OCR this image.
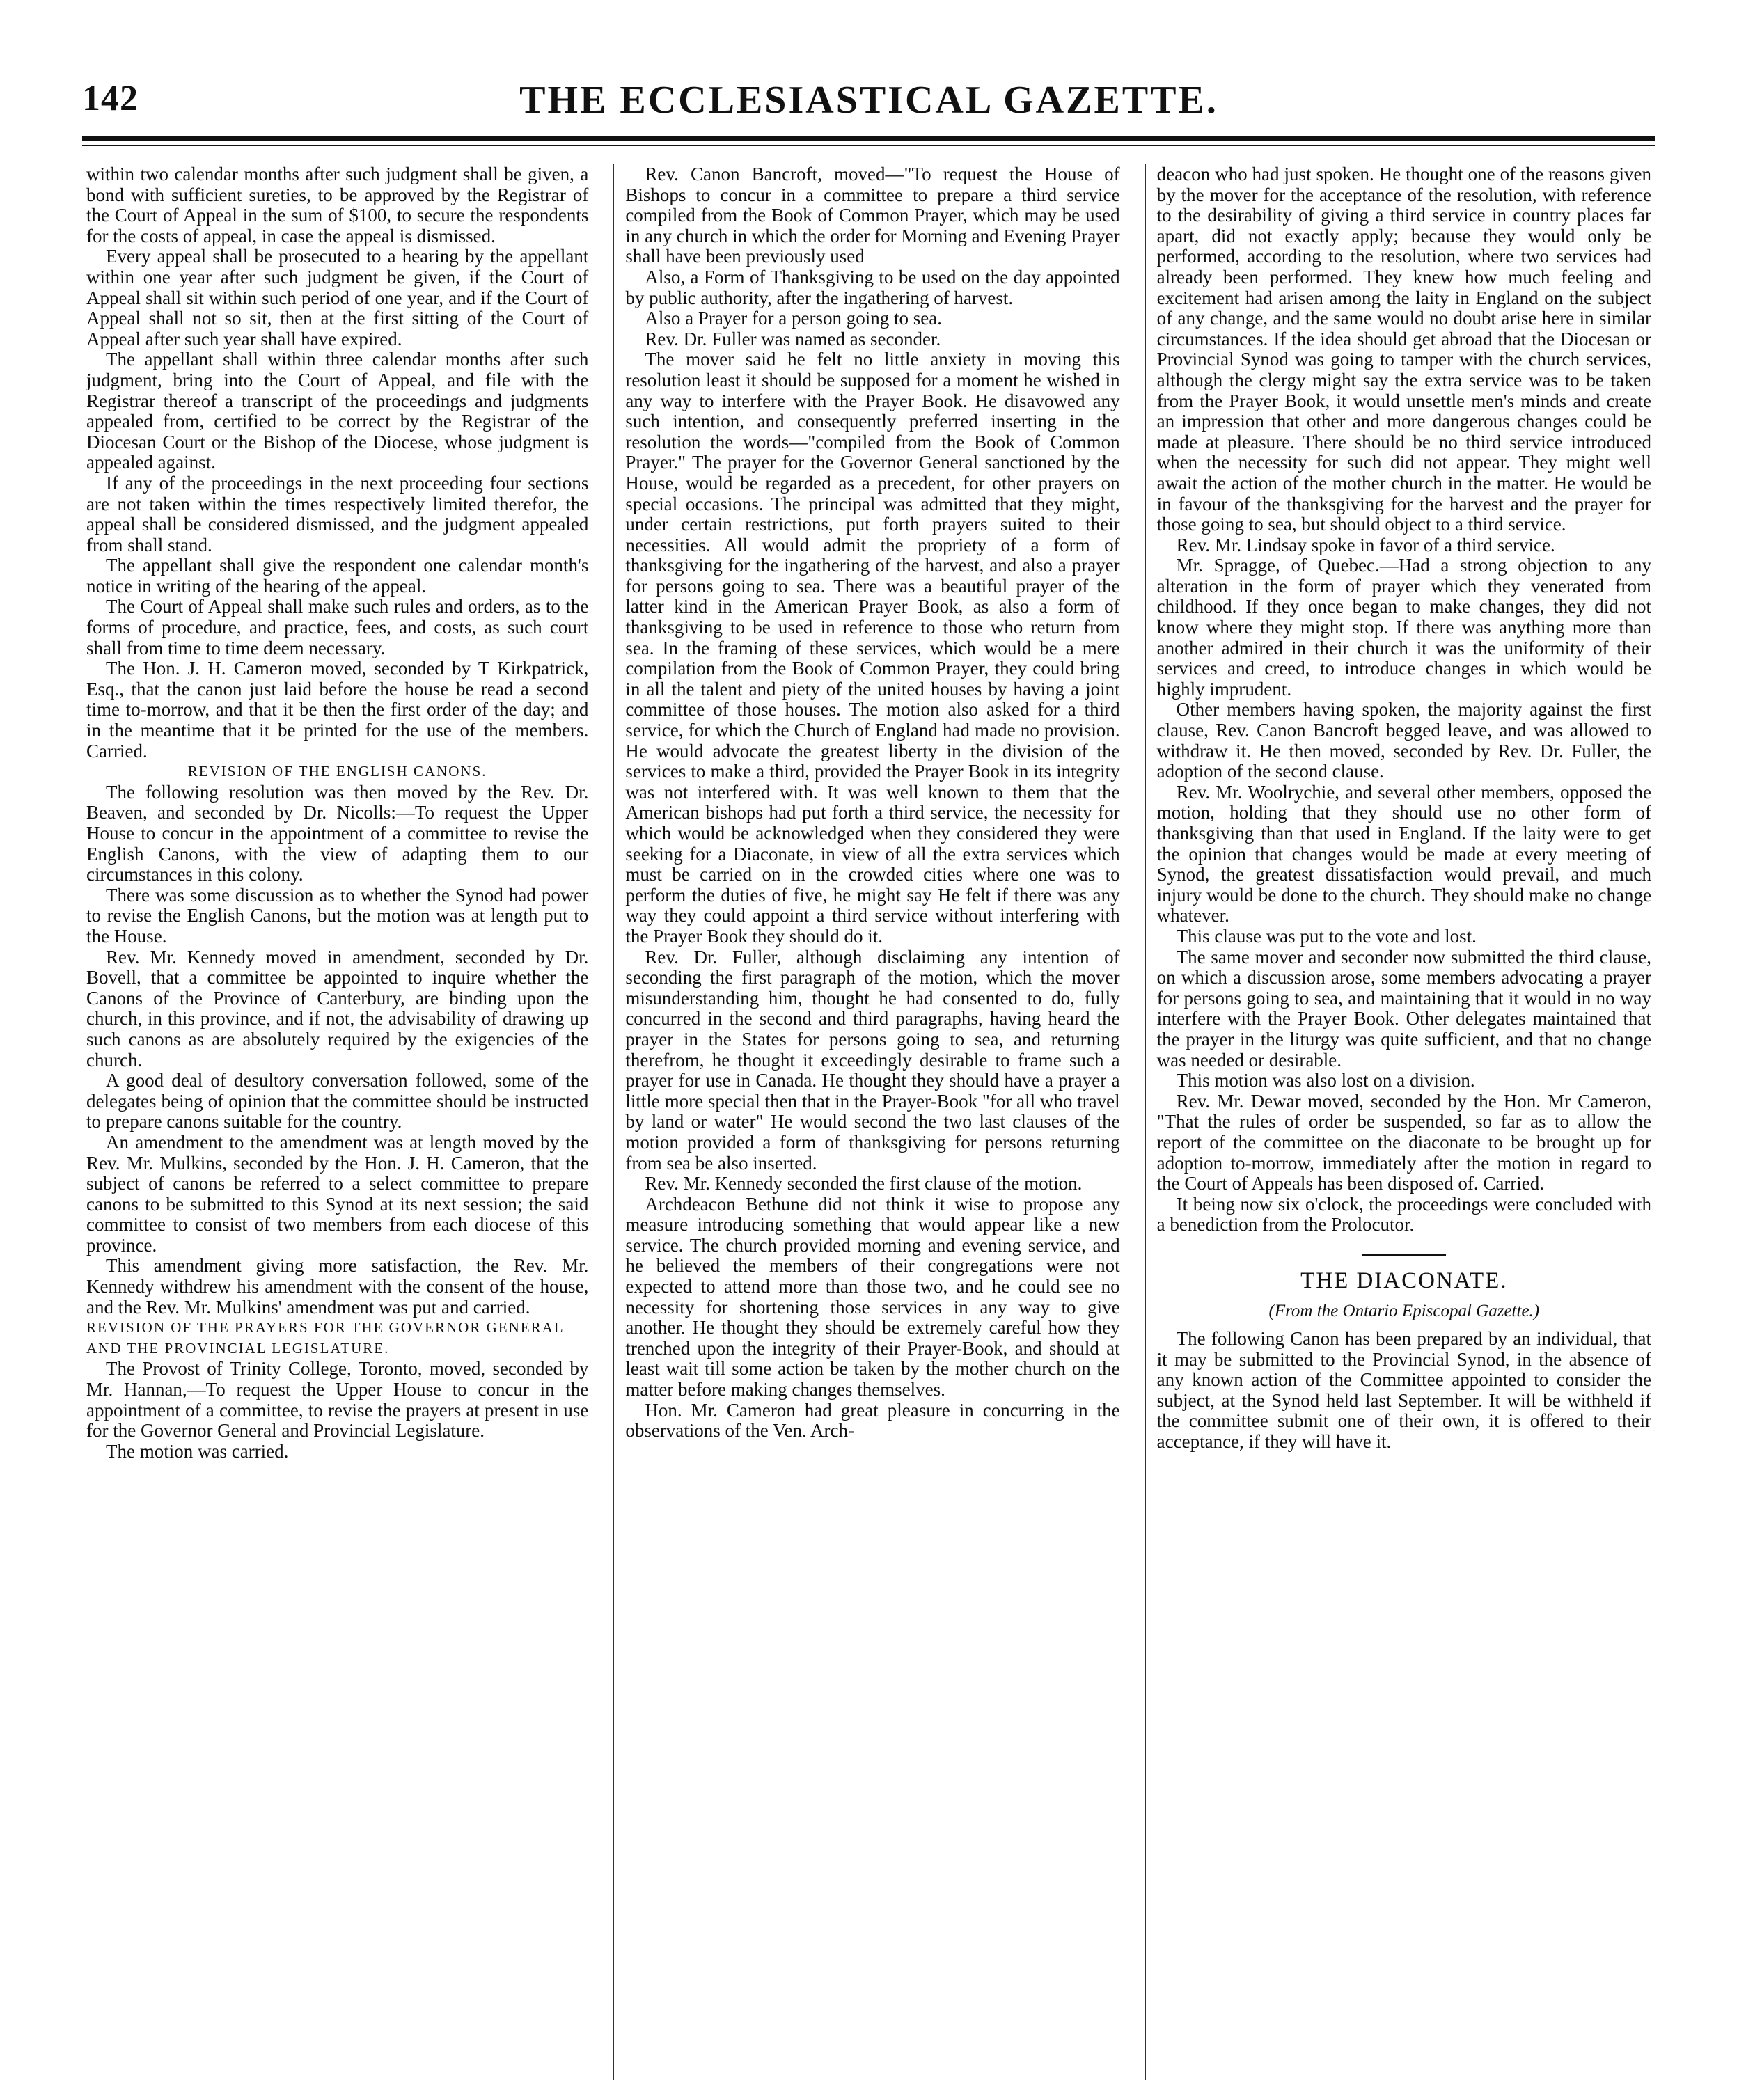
142	THE ECCLESIASTICAL GAZETTE.

within two calendar months after such judgment shall be given, a bond with sufficient sureties, to be approved by the Registrar of the Court of Appeal in the sum of $100, to secure the respondents for the costs of appeal, in case the appeal is dismissed.

Every appeal shall be prosecuted to a hearing by the appellant within one year after such judgment be given, if the Court of Appeal shall sit within such period of one year, and if the Court of Appeal shall not so sit, then at the first sitting of the Court of Appeal after such year shall have expired.

The appellant shall within three calendar months after such judgment, bring into the Court of Appeal, and file with the Registrar thereof a transcript of the proceedings and judgments appealed from, certified to be correct by the Registrar of the Diocesan Court or the Bishop of the Diocese, whose judgment is appealed against.

If any of the proceedings in the next proceeding four sections are not taken within the times respectively limited therefor, the appeal shall be considered dismissed, and the judgment appealed from shall stand.

The appellant shall give the respondent one calendar month's notice in writing of the hearing of the appeal.

The Court of Appeal shall make such rules and orders, as to the forms of procedure, and practice, fees, and costs, as such court shall from time to time deem necessary.

The Hon. J. H. Cameron moved, seconded by T Kirkpatrick, Esq., that the canon just laid before the house be read a second time to-morrow, and that it be then the first order of the day; and in the meantime that it be printed for the use of the members. Carried.

REVISION OF THE ENGLISH CANONS.

The following resolution was then moved by the Rev. Dr. Beaven, and seconded by Dr. Nicolls:—To request the Upper House to concur in the appointment of a committee to revise the English Canons, with the view of adapting them to our circumstances in this colony.

There was some discussion as to whether the Synod had power to revise the English Canons, but the motion was at length put to the House.

Rev. Mr. Kennedy moved in amendment, seconded by Dr. Bovell, that a committee be appointed to inquire whether the Canons of the Province of Canterbury, are binding upon the church, in this province, and if not, the advisability of drawing up such canons as are absolutely required by the exigencies of the church.

A good deal of desultory conversation followed, some of the delegates being of opinion that the committee should be instructed to prepare canons suitable for the country.

An amendment to the amendment was at length moved by the Rev. Mr. Mulkins, seconded by the Hon. J. H. Cameron, that the subject of canons be referred to a select committee to prepare canons to be submitted to this Synod at its next session; the said committee to consist of two members from each diocese of this province.

This amendment giving more satisfaction, the Rev. Mr. Kennedy withdrew his amendment with the consent of the house, and the Rev. Mr. Mulkins' amendment was put and carried.

REVISION OF THE PRAYERS FOR THE GOVERNOR GENERAL AND THE PROVINCIAL LEGISLATURE.

The Provost of Trinity College, Toronto, moved, seconded by Mr. Hannan,—To request the Upper House to concur in the appointment of a committee, to revise the prayers at present in use for the Governor General and Provincial Legislature.

The motion was carried.

Rev. Canon Bancroft, moved—"To request the House of Bishops to concur in a committee to prepare a third service compiled from the Book of Common Prayer, which may be used in any church in which the order for Morning and Evening Prayer shall have been previously used

Also, a Form of Thanksgiving to be used on the day appointed by public authority, after the ingathering of harvest.

Also a Prayer for a person going to sea.

Rev. Dr. Fuller was named as seconder.

The mover said he felt no little anxiety in moving this resolution least it should be supposed for a moment he wished in any way to interfere with the Prayer Book. He disavowed any such intention, and consequently preferred inserting in the resolution the words—"compiled from the Book of Common Prayer." The prayer for the Governor General sanctioned by the House, would be regarded as a precedent, for other prayers on special occasions. The principal was admitted that they might, under certain restrictions, put forth prayers suited to their necessities. All would admit the propriety of a form of thanksgiving for the ingathering of the harvest, and also a prayer for persons going to sea. There was a beautiful prayer of the latter kind in the American Prayer Book, as also a form of thanksgiving to be used in reference to those who return from sea. In the framing of these services, which would be a mere compilation from the Book of Common Prayer, they could bring in all the talent and piety of the united houses by having a joint committee of those houses. The motion also asked for a third service, for which the Church of England had made no provision. He would advocate the greatest liberty in the division of the services to make a third, provided the Prayer Book in its integrity was not interfered with. It was well known to them that the American bishops had put forth a third service, the necessity for which would be acknowledged when they considered they were seeking for a Diaconate, in view of all the extra services which must be carried on in the crowded cities where one was to perform the duties of five, he might say He felt if there was any way they could appoint a third service without interfering with the Prayer Book they should do it.

Rev. Dr. Fuller, although disclaiming any intention of seconding the first paragraph of the motion, which the mover misunderstanding him, thought he had consented to do, fully concurred in the second and third paragraphs, having heard the prayer in the States for persons going to sea, and returning therefrom, he thought it exceedingly desirable to frame such a prayer for use in Canada. He thought they should have a prayer a little more special then that in the Prayer-Book "for all who travel by land or water" He would second the two last clauses of the motion provided a form of thanksgiving for persons returning from sea be also inserted.

Rev. Mr. Kennedy seconded the first clause of the motion.

Archdeacon Bethune did not think it wise to propose any measure introducing something that would appear like a new service. The church provided morning and evening service, and he believed the members of their congregations were not expected to attend more than those two, and he could see no necessity for shortening those services in any way to give another. He thought they should be extremely careful how they trenched upon the integrity of their Prayer-Book, and should at least wait till some action be taken by the mother church on the matter before making changes themselves.

Hon. Mr. Cameron had great pleasure in concurring in the observations of the Ven. Arch-

deacon who had just spoken. He thought one of the reasons given by the mover for the acceptance of the resolution, with reference to the desirability of giving a third service in country places far apart, did not exactly apply; because they would only be performed, according to the resolution, where two services had already been performed. They knew how much feeling and excitement had arisen among the laity in England on the subject of any change, and the same would no doubt arise here in similar circumstances. If the idea should get abroad that the Diocesan or Provincial Synod was going to tamper with the church services, although the clergy might say the extra service was to be taken from the Prayer Book, it would unsettle men's minds and create an impression that other and more dangerous changes could be made at pleasure. There should be no third service introduced when the necessity for such did not appear. They might well await the action of the mother church in the matter. He would be in favour of the thanksgiving for the harvest and the prayer for those going to sea, but should object to a third service.

Rev. Mr. Lindsay spoke in favor of a third service.

Mr. Spragge, of Quebec.—Had a strong objection to any alteration in the form of prayer which they venerated from childhood. If they once began to make changes, they did not know where they might stop. If there was anything more than another admired in their church it was the uniformity of their services and creed, to introduce changes in which would be highly imprudent.

Other members having spoken, the majority against the first clause, Rev. Canon Bancroft begged leave, and was allowed to withdraw it. He then moved, seconded by Rev. Dr. Fuller, the adoption of the second clause.

Rev. Mr. Woolrychie, and several other members, opposed the motion, holding that they should use no other form of thanksgiving than that used in England. If the laity were to get the opinion that changes would be made at every meeting of Synod, the greatest dissatisfaction would prevail, and much injury would be done to the church. They should make no change whatever.

This clause was put to the vote and lost.

The same mover and seconder now submitted the third clause, on which a discussion arose, some members advocating a prayer for persons going to sea, and maintaining that it would in no way interfere with the Prayer Book. Other delegates maintained that the prayer in the liturgy was quite sufficient, and that no change was needed or desirable.

This motion was also lost on a division.

Rev. Mr. Dewar moved, seconded by the Hon. Mr Cameron, "That the rules of order be suspended, so far as to allow the report of the committee on the diaconate to be brought up for adoption to-morrow, immediately after the motion in regard to the Court of Appeals has been disposed of. Carried.

It being now six o'clock, the proceedings were concluded with a benediction from the Prolocutor.

THE DIACONATE.
(From the Ontario Episcopal Gazette.)

The following Canon has been prepared by an individual, that it may be submitted to the Provincial Synod, in the absence of any known action of the Committee appointed to consider the subject, at the Synod held last September. It will be withheld if the committee submit one of their own, it is offered to their acceptance, if they will have it.
